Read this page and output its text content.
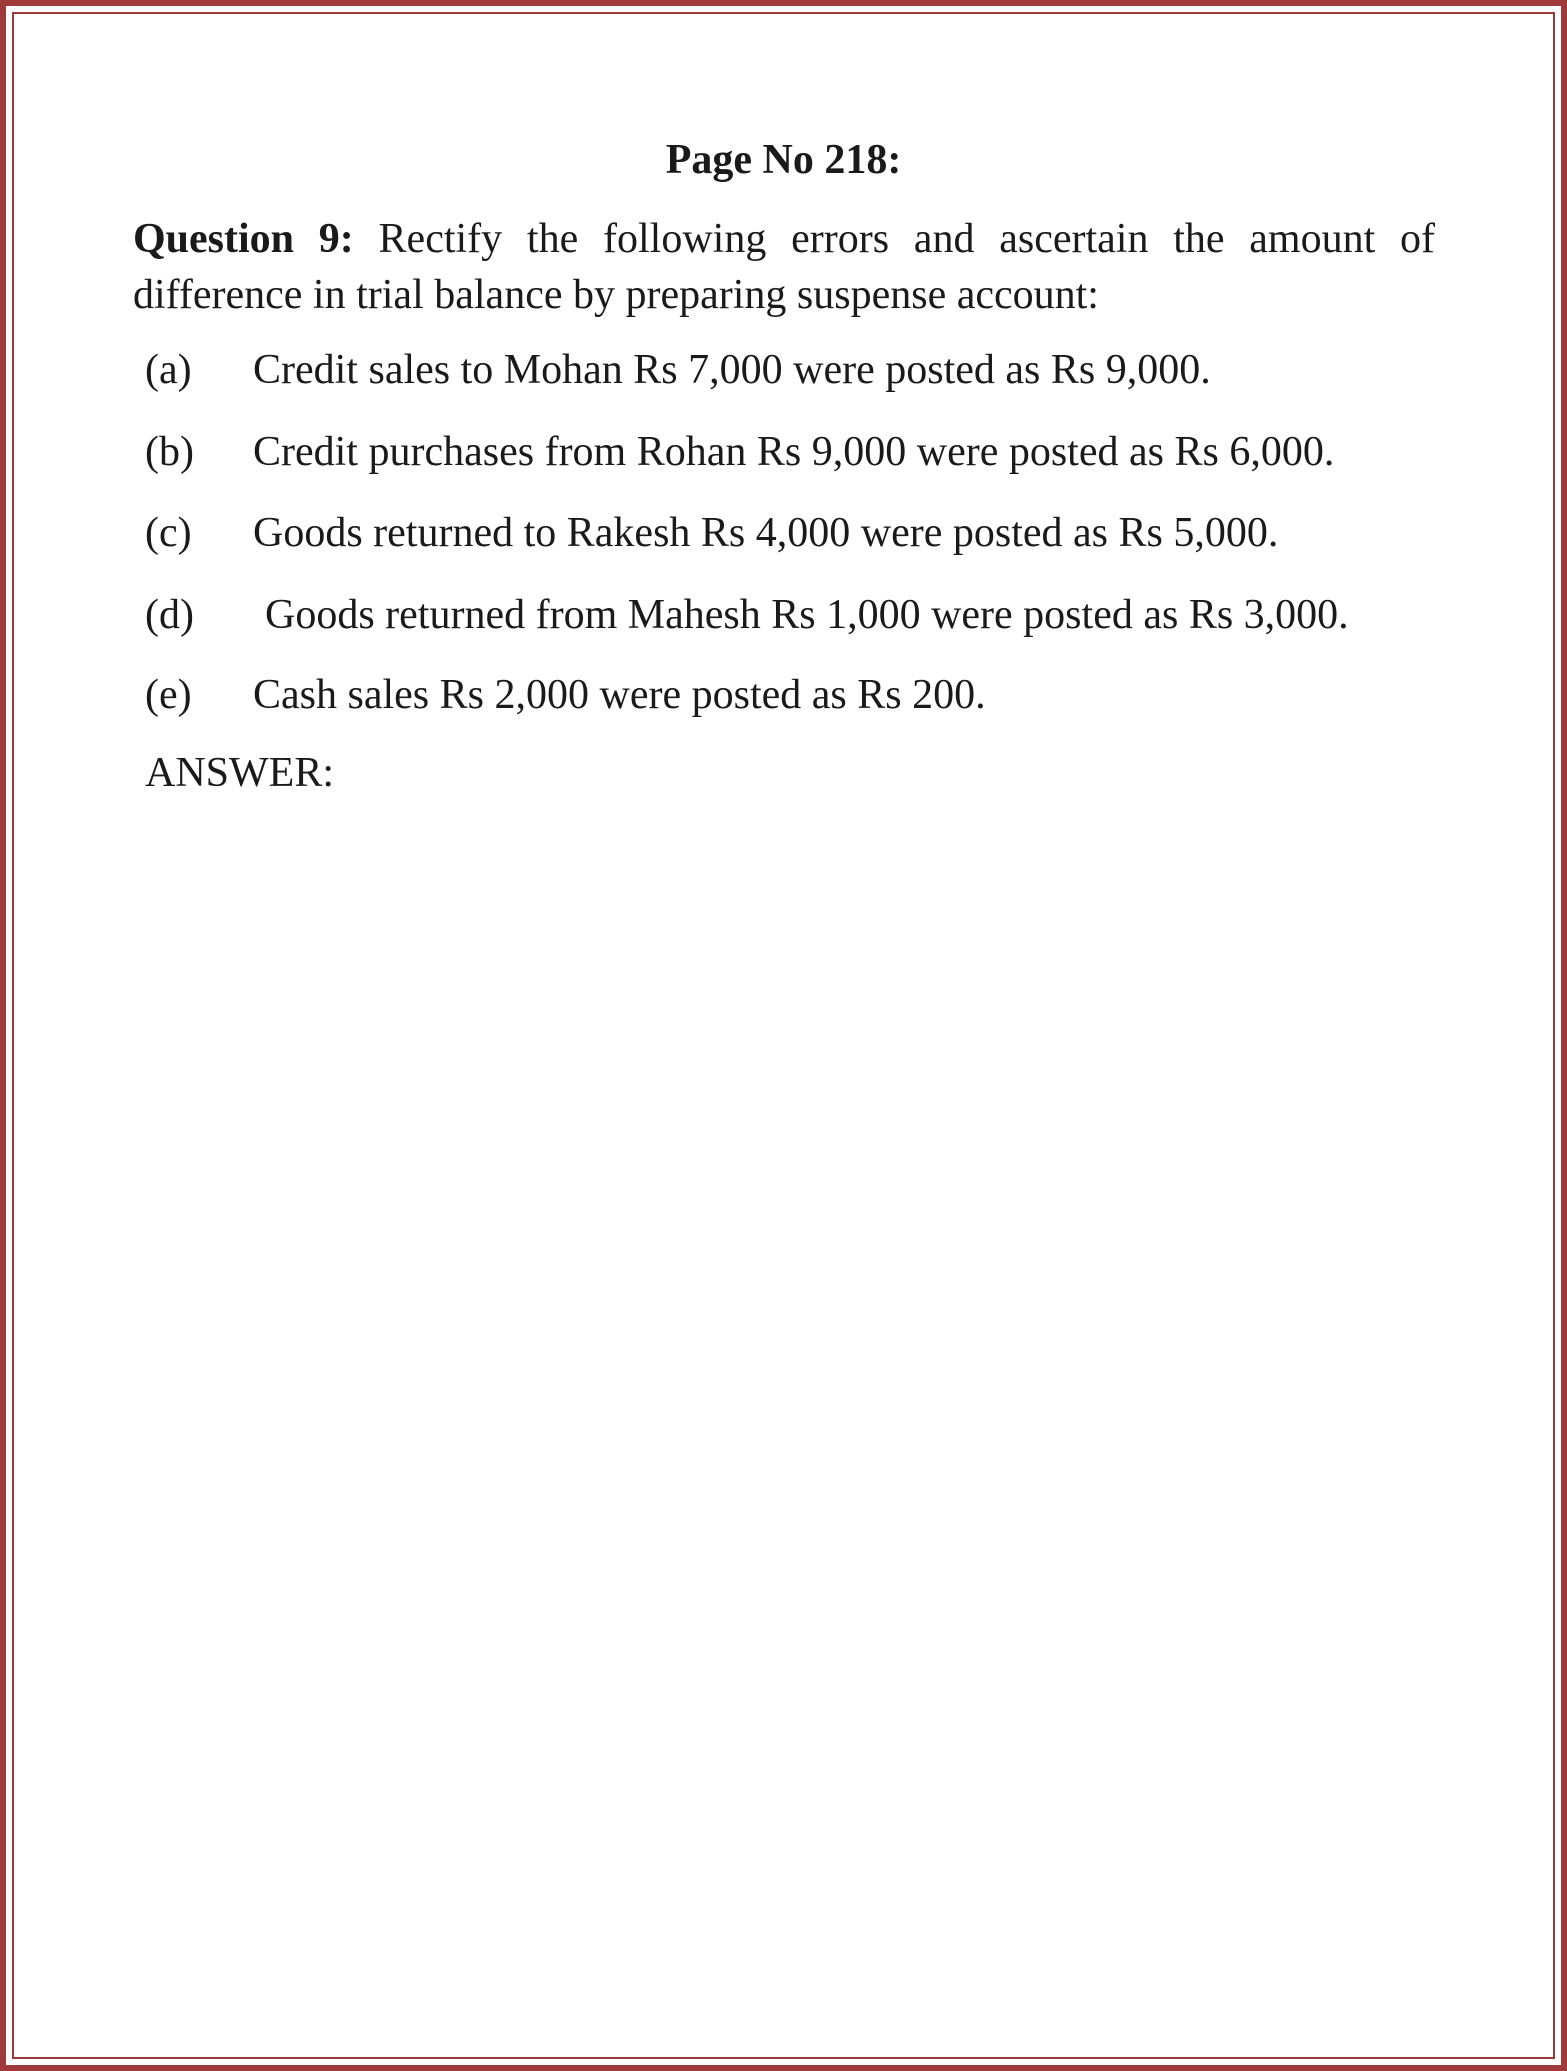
Page No 218:
Question 9: Rectify the following errors and ascertain the amount of difference in trial balance by preparing suspense account:
(a) Credit sales to Mohan Rs 7,000 were posted as Rs 9,000.
(b) Credit purchases from Rohan Rs 9,000 were posted as Rs 6,000.
(c) Goods returned to Rakesh Rs 4,000 were posted as Rs 5,000.
(d) Goods returned from Mahesh Rs 1,000 were posted as Rs 3,000.
(e) Cash sales Rs 2,000 were posted as Rs 200.
ANSWER:
